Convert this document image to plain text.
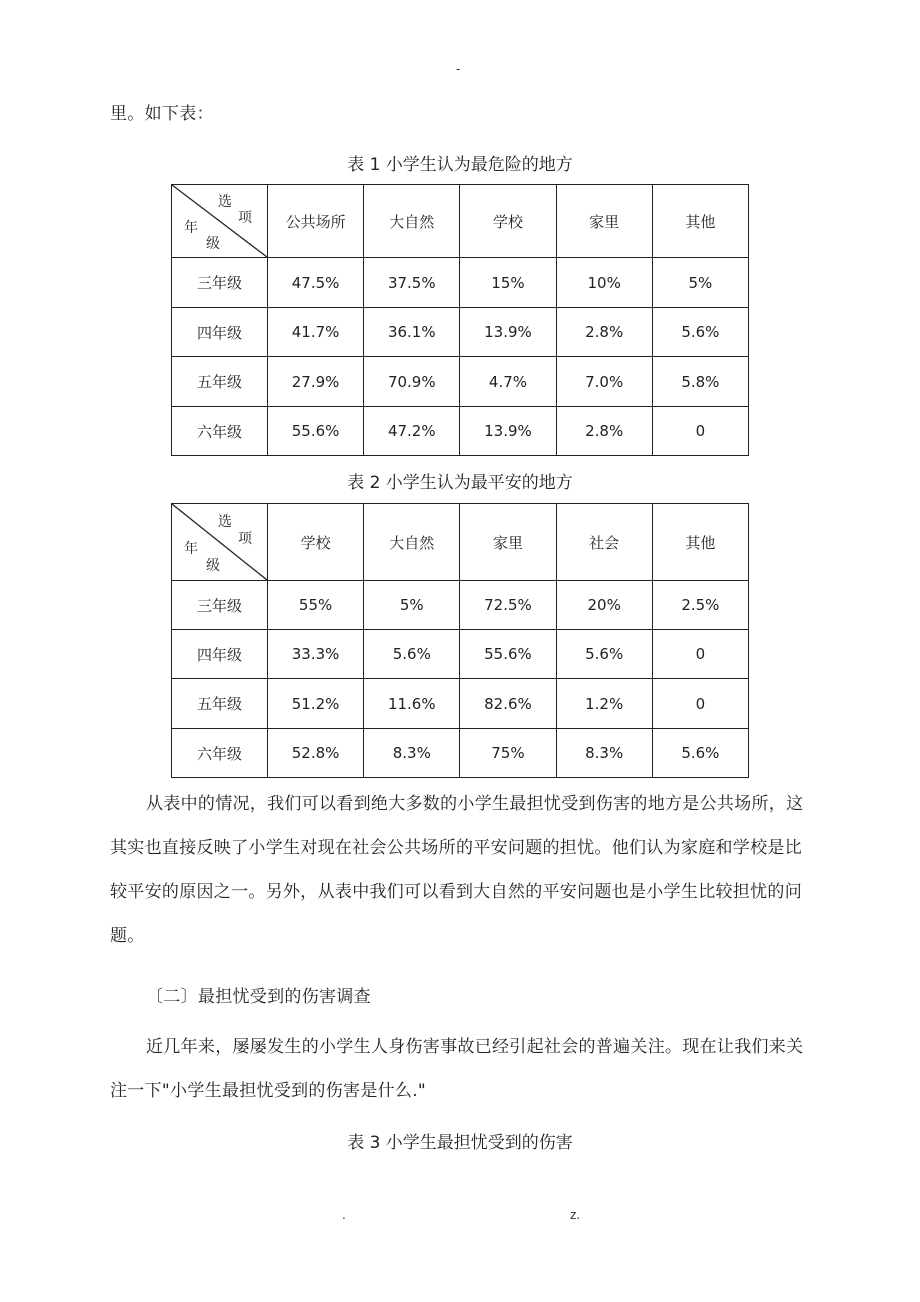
-

里。如下表：

表 1 小学生认为最危险的地方

选
项
年
级	公共场所	大自然	学校	家里	其他
三年级	47.5%	37.5%	15%	10%	5%
四年级	41.7%	36.1%	13.9%	2.8%	5.6%
五年级	27.9%	70.9%	4.7%	7.0%	5.8%
六年级	55.6%	47.2%	13.9%	2.8%	0

表 2 小学生认为最平安的地方

选
项
年
级	学校	大自然	家里	社会	其他
三年级	55%	5%	72.5%	20%	2.5%
四年级	33.3%	5.6%	55.6%	5.6%	0
五年级	51.2%	11.6%	82.6%	1.2%	0
六年级	52.8%	8.3%	75%	8.3%	5.6%

从表中的情况，我们可以看到绝大多数的小学生最担忧受到伤害的地方是公共场所，这其实也直接反映了小学生对现在社会公共场所的平安问题的担忧。他们认为家庭和学校是比较平安的原因之一。另外，从表中我们可以看到大自然的平安问题也是小学生比较担忧的问题。

〔二〕最担忧受到的伤害调查

近几年来，屡屡发生的小学生人身伤害事故已经引起社会的普遍关注。现在让我们来关注一下"小学生最担忧受到的伤害是什么."

表 3 小学生最担忧受到的伤害

.	z.
